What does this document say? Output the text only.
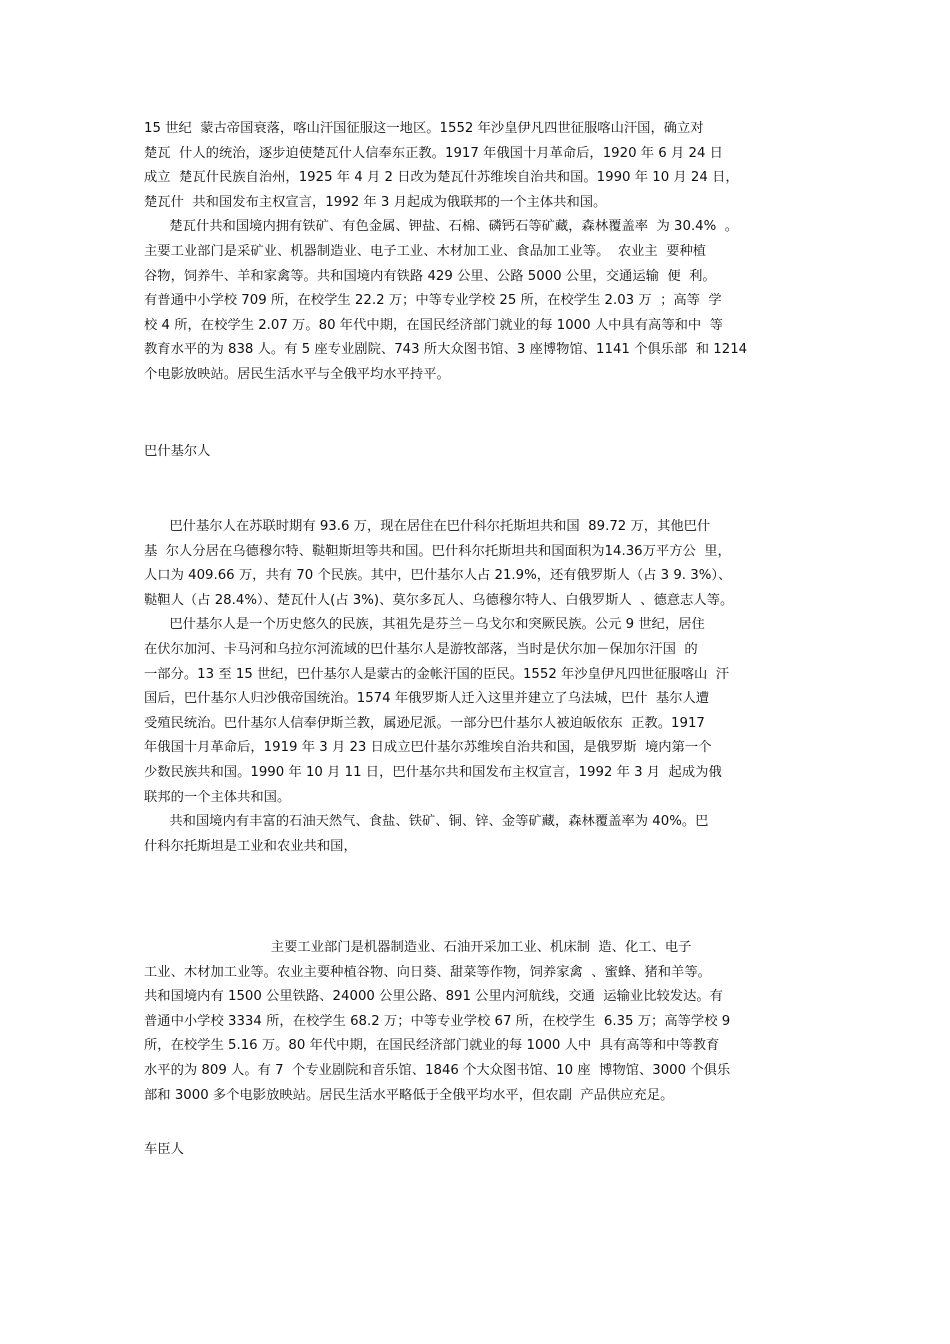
15 世纪  蒙古帝国衰落，喀山汗国征服这一地区。1552 年沙皇伊凡四世征服喀山汗国，确立对
楚瓦  什人的统治，逐步迫使楚瓦什人信奉东正教。1917 年俄国十月革命后，1920 年 6 月 24 日
成立  楚瓦什民族自治州，1925 年 4 月 2 日改为楚瓦什苏维埃自治共和国。1990 年 10 月 24 日，
楚瓦什  共和国发布主权宣言，1992 年 3 月起成为俄联邦的一个主体共和国。
楚瓦什共和国境内拥有铁矿、有色金属、钾盐、石棉、磷钙石等矿藏，森林覆盖率  为 30.4%  。
主要工业部门是采矿业、机器制造业、电子工业、木材加工业、食品加工业等。  农业主  要种植
谷物，饲养牛、羊和家禽等。共和国境内有铁路 429 公里、公路 5000 公里，交通运输  便  利。
有普通中小学校 709 所，在校学生 22.2 万；中等专业学校 25 所，在校学生 2.03 万  ；高等  学
校 4 所，在校学生 2.07 万。80 年代中期，在国民经济部门就业的每 1000 人中具有高等和中  等
教育水平的为 838 人。有 5 座专业剧院、743 所大众图书馆、3 座博物馆、1141 个俱乐部  和 1214
个电影放映站。居民生活水平与全俄平均水平持平。
巴什基尔人
巴什基尔人在苏联时期有 93.6 万，现在居住在巴什科尔托斯坦共和国  89.72 万，其他巴什
基  尔人分居在乌德穆尔特、鞑靼斯坦等共和国。巴什科尔托斯坦共和国面积为14.36万平方公  里，
人口为 409.66 万，共有 70 个民族。其中，巴什基尔人占 21.9%，还有俄罗斯人（占 3 9. 3%）、
鞑靼人（占 28.4%）、楚瓦什人(占 3%)、莫尔多瓦人、乌德穆尔特人、白俄罗斯人  、德意志人等。
巴什基尔人是一个历史悠久的民族，其祖先是芬兰－乌戈尔和突厥民族。公元 9 世纪，居住
在伏尔加河、卡马河和乌拉尔河流域的巴什基尔人是游牧部落，当时是伏尔加－保加尔汗国  的
一部分。13 至 15 世纪，巴什基尔人是蒙古的金帐汗国的臣民。1552 年沙皇伊凡四世征服喀山  汗
国后，巴什基尔人归沙俄帝国统治。1574 年俄罗斯人迁入这里并建立了乌法城，巴什  基尔人遭
受殖民统治。巴什基尔人信奉伊斯兰教，属逊尼派。一部分巴什基尔人被迫皈依东  正教。1917
年俄国十月革命后，1919 年 3 月 23 日成立巴什基尔苏维埃自治共和国，是俄罗斯  境内第一个
少数民族共和国。1990 年 10 月 11 日，巴什基尔共和国发布主权宣言，1992 年 3 月  起成为俄
联邦的一个主体共和国。
共和国境内有丰富的石油天然气、食盐、铁矿、铜、锌、金等矿藏，森林覆盖率为 40%。巴
什科尔托斯坦是工业和农业共和国，
主要工业部门是机器制造业、石油开采加工业、机床制  造、化工、电子
工业、木材加工业等。农业主要种植谷物、向日葵、甜菜等作物，饲养家禽  、蜜蜂、猪和羊等。
共和国境内有 1500 公里铁路、24000 公里公路、891 公里内河航线，交通  运输业比较发达。有
普通中小学校 3334 所，在校学生 68.2 万；中等专业学校 67 所，在校学生  6.35 万；高等学校 9
所，在校学生 5.16 万。80 年代中期，在国民经济部门就业的每 1000 人中  具有高等和中等教育
水平的为 809 人。有 7  个专业剧院和音乐馆、1846 个大众图书馆、10 座  博物馆、3000 个俱乐
部和 3000 多个电影放映站。居民生活水平略低于全俄平均水平，但农副  产品供应充足。
车臣人
